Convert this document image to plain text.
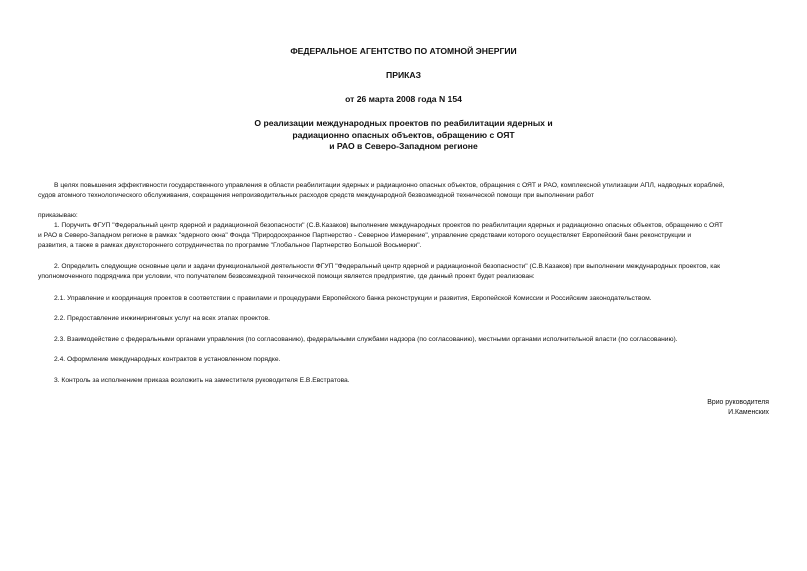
ФЕДЕРАЛЬНОЕ АГЕНТСТВО ПО АТОМНОЙ ЭНЕРГИИ
ПРИКАЗ
от 26 марта 2008 года N 154
О реализации международных проектов по реабилитации ядерных и
радиационно опасных объектов, обращению с ОЯТ
и РАО в Северо-Западном регионе
В целях повышения эффективности государственного управления в области реабилитации ядерных и радиационно опасных объектов, обращения с ОЯТ и РАО, комплексной утилизации АПЛ, надводных кораблей,
судов атомного технологического обслуживания, сокращения непроизводительных расходов средств международной безвозмездной технической помощи при выполнении работ
приказываю:
1. Поручить ФГУП "Федеральный центр ядерной и радиационной безопасности" (С.В.Казаков) выполнение международных проектов по реабилитации ядерных и радиационно опасных объектов, обращению с ОЯТ
и РАО в Северо-Западном регионе в рамках "ядерного окна" Фонда "Природоохранное Партнерство - Северное Измерение", управление средствами которого осуществляет Европейский банк реконструкции и
развития, а также в рамках двухстороннего сотрудничества по программе "Глобальное Партнерство Большой Восьмерки".
2. Определить следующие основные цели и задачи функциональной деятельности ФГУП "Федеральный центр ядерной и радиационной безопасности" (С.В.Казаков) при выполнении международных проектов, как
уполномоченного подрядчика при условии, что получателем безвозмездной технической помощи является предприятие, где данный проект будет реализован:
2.1. Управление и координация проектов в соответствии с правилами и процедурами Европейского банка реконструкции и развития, Европейской Комиссии и Российским законодательством.
2.2. Предоставление инжиниринговых услуг на всех этапах проектов.
2.3. Взаимодействие с федеральными органами управления (по согласованию), федеральными службами надзора (по согласованию), местными органами исполнительной власти (по согласованию).
2.4. Оформление международных контрактов в установленном порядке.
3. Контроль за исполнением приказа возложить на заместителя руководителя Е.В.Евстратова.
Врио руководителя
И.Каменских
